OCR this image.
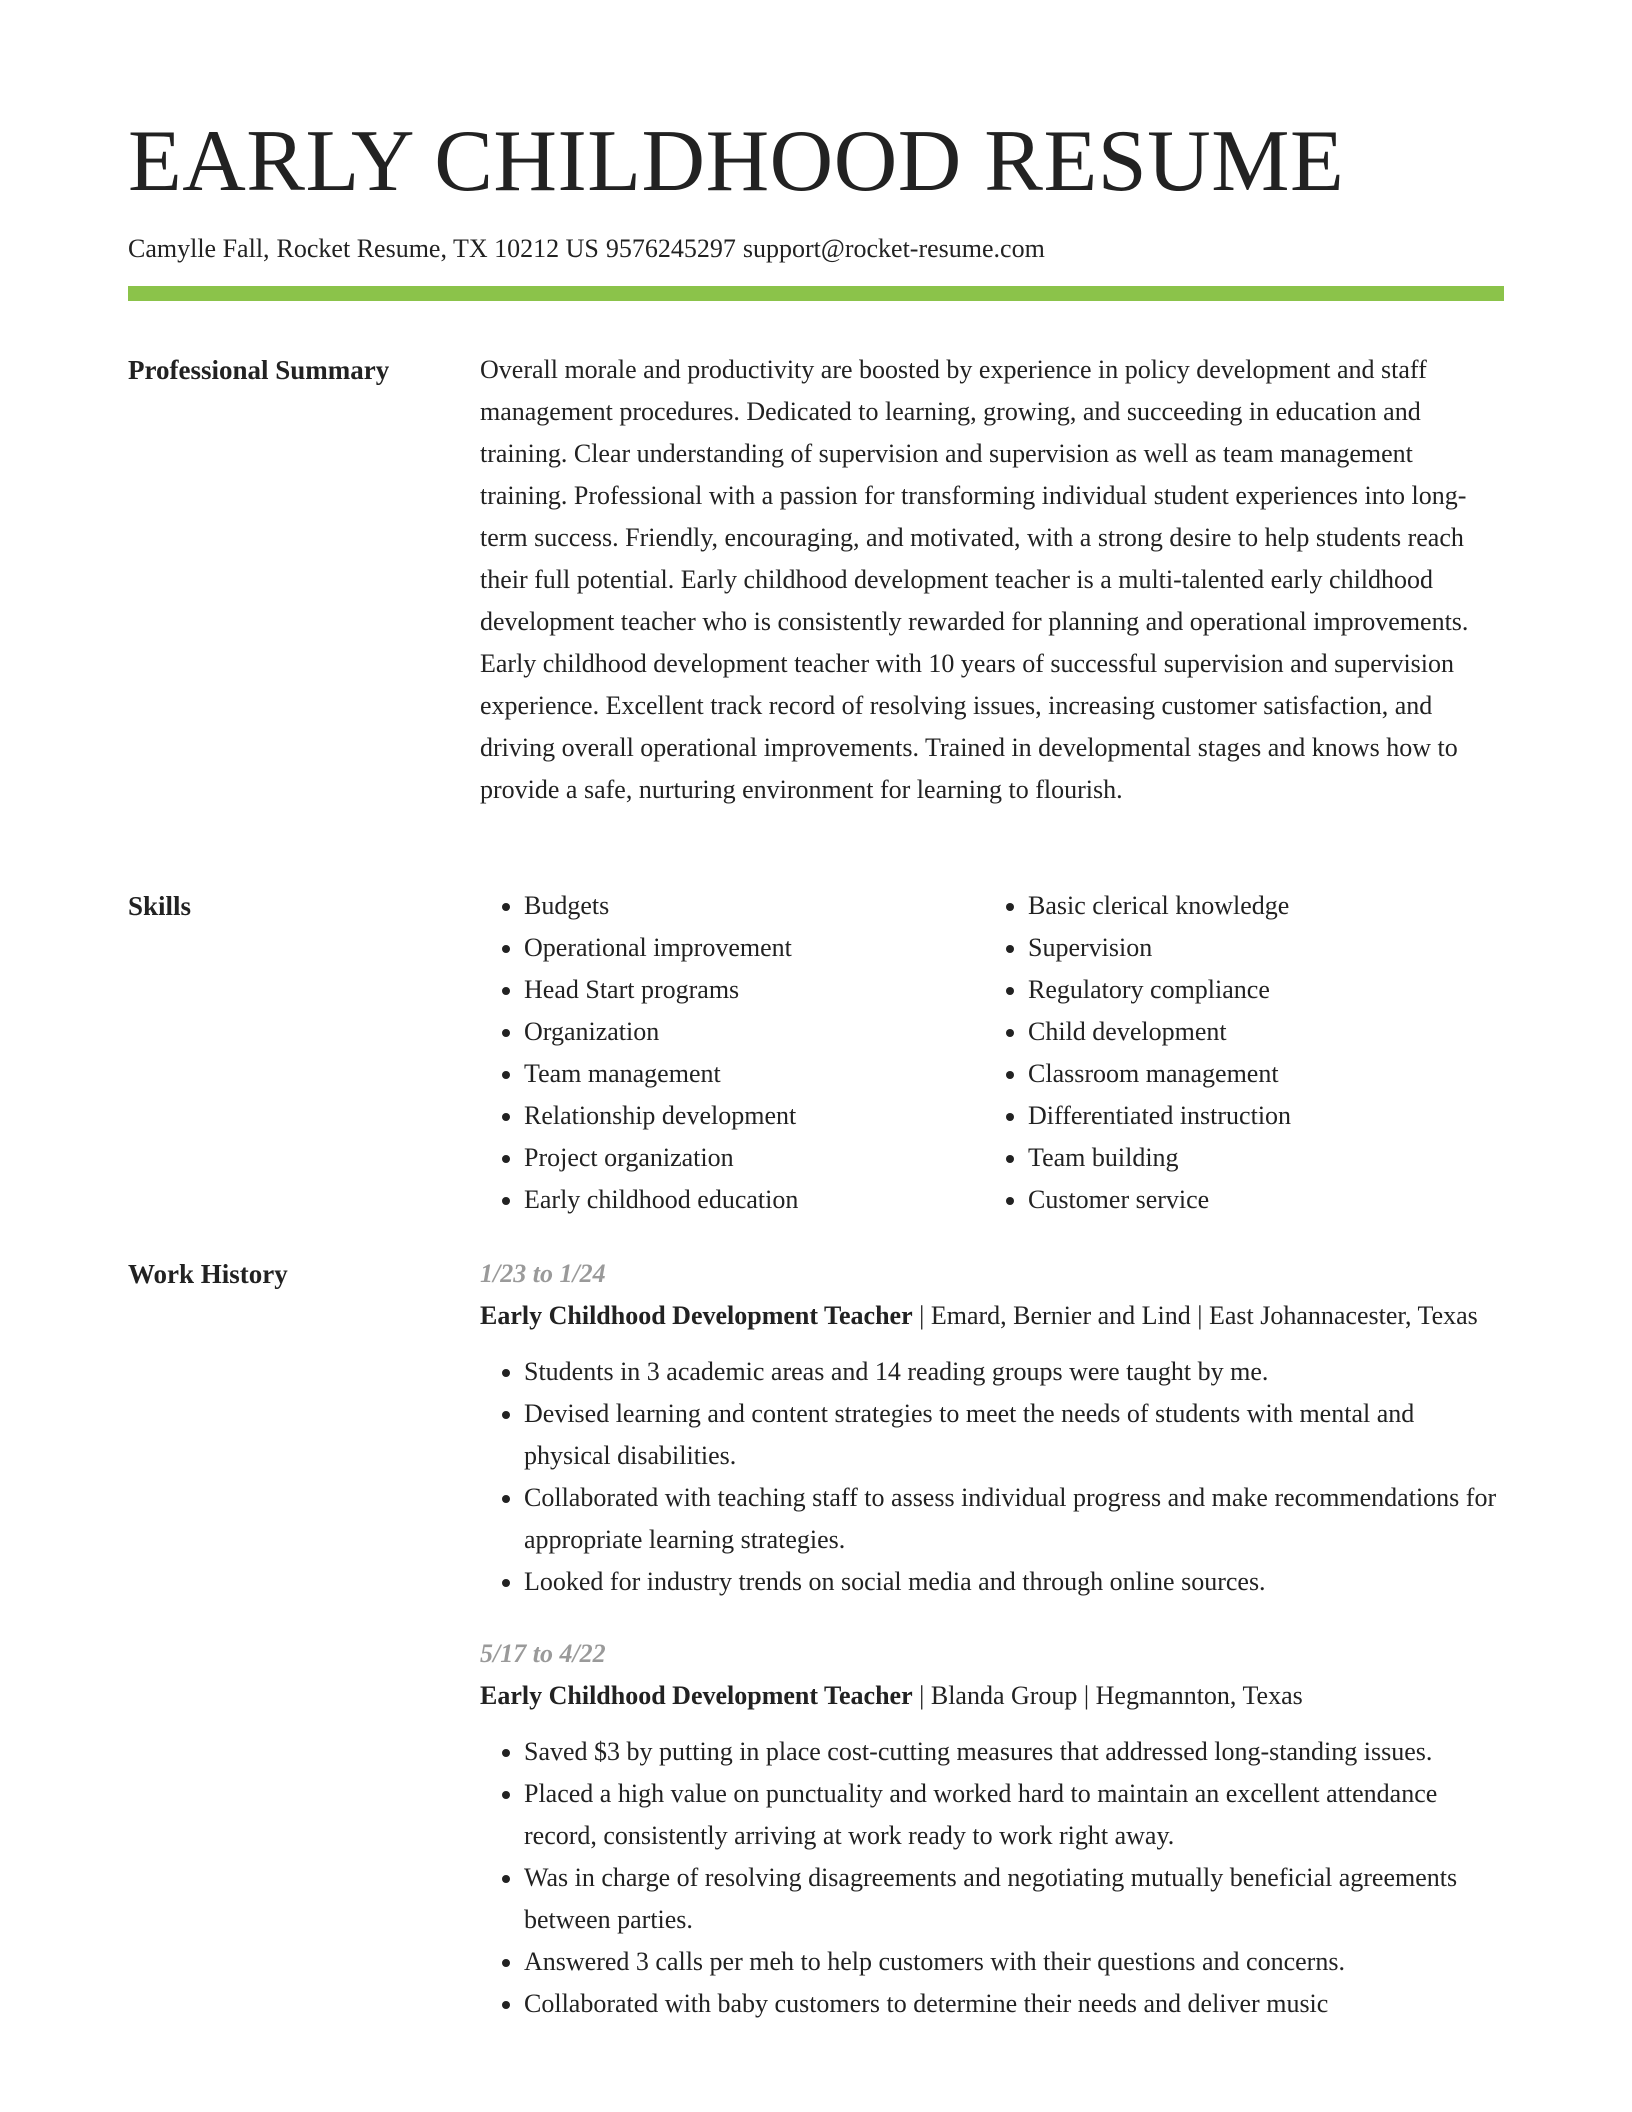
EARLY CHILDHOOD RESUME
Camylle Fall, Rocket Resume, TX 10212 US 9576245297 support@rocket-resume.com
Professional Summary	Overall morale and productivity are boosted by experience in policy development and staff management procedures. Dedicated to learning, growing, and succeeding in education and training. Clear understanding of supervision and supervision as well as team management training. Professional with a passion for transforming individual student experiences into long-term success. Friendly, encouraging, and motivated, with a strong desire to help students reach their full potential. Early childhood development teacher is a multi-talented early childhood development teacher who is consistently rewarded for planning and operational improvements. Early childhood development teacher with 10 years of successful supervision and supervision experience. Excellent track record of resolving issues, increasing customer satisfaction, and driving overall operational improvements. Trained in developmental stages and knows how to provide a safe, nurturing environment for learning to flourish.

Skills
•	Budgets
• Operational improvement
• Head Start programs
• Organization
• Team management
• Relationship development
• Project organization
• Early childhood education
• Basic clerical knowledge
• Supervision
• Regulatory compliance
• Child development
• Classroom management
• Differentiated instruction
• Team building
• Customer service
Work History	1/23 to 1/24
Early Childhood Development Teacher | Emard, Bernier and Lind | East Johannacester, Texas
• Students in 3 academic areas and 14 reading groups were taught by me.
• Devised learning and content strategies to meet the needs of students with mental and physical disabilities.
• Collaborated with teaching staff to assess individual progress and make recommendations for appropriate learning strategies.
• Looked for industry trends on social media and through online sources.
5/17 to 4/22
Early Childhood Development Teacher | Blanda Group | Hegmannton, Texas
• Saved $3 by putting in place cost-cutting measures that addressed long-standing issues.
• Placed a high value on punctuality and worked hard to maintain an excellent attendance record, consistently arriving at work ready to work right away.
• Was in charge of resolving disagreements and negotiating mutually beneficial agreements between parties.
• Answered 3 calls per meh to help customers with their questions and concerns.
• Collaborated with baby customers to determine their needs and deliver music
